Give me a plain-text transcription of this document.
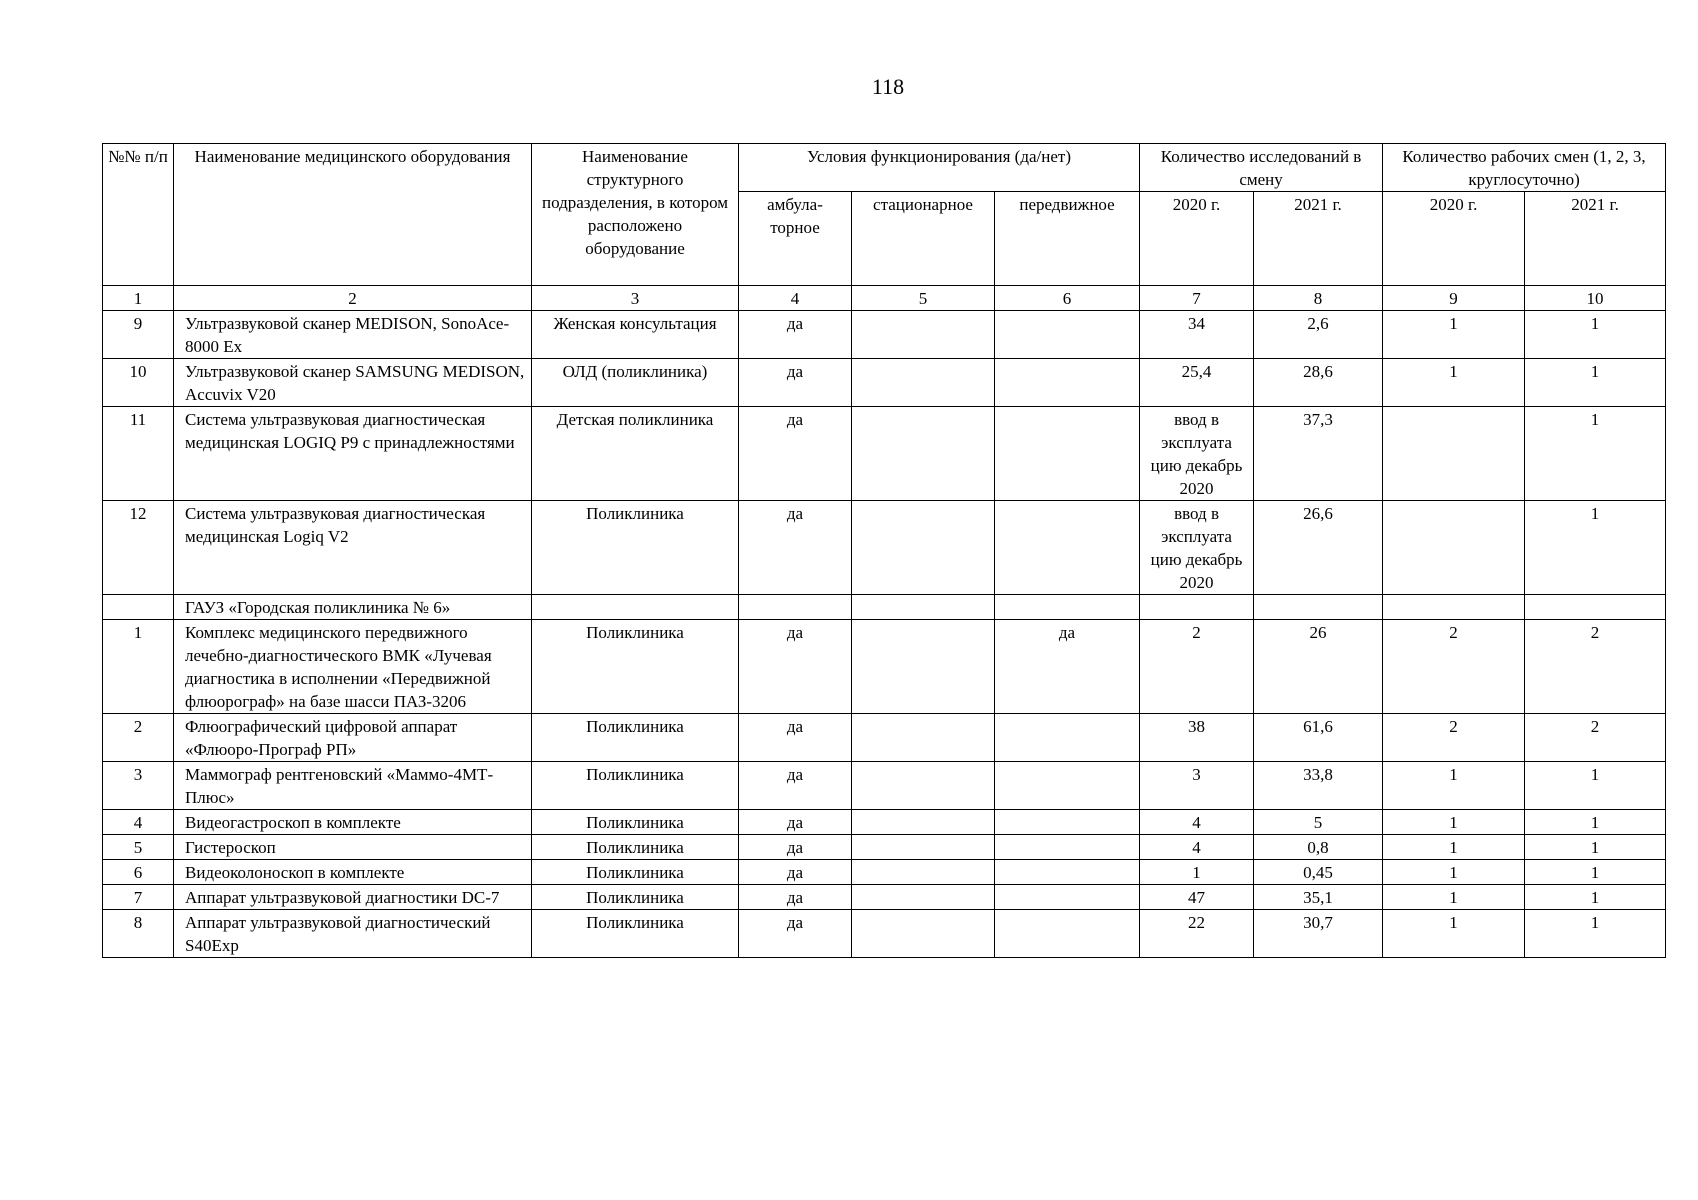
118
№№ п/п	Наименование медицинского оборудования	Наименование структурного подразделения, в котором расположено оборудование	Условия функционирования (да/нет)			Количество исследований в смену		Количество рабочих смен (1, 2, 3, круглосуточно)	
			амбула-торное	стационарное	передвижное	2020 г.	2021 г.	2020 г.	2021 г.
1	2	3	4	5	6	7	8	9	10
9	Ультразвуковой сканер MEDISON, SonoAce-8000 Ex	Женская консультация	да			34	2,6	1	1
10	Ультразвуковой сканер SAMSUNG MEDISON, Accuvix V20	ОЛД (поликлиника)	да			25,4	28,6	1	1
11	Система ультразвуковая диагностическая медицинская LOGIQ P9 с принадлежностями	Детская поликлиника	да			ввод в эксплуата цию декабрь 2020	37,3		1
12	Система ультразвуковая диагностическая медицинская Logiq V2	Поликлиника	да			ввод в эксплуата цию декабрь 2020	26,6		1
	ГАУЗ «Городская поликлиника № 6»								
1	Комплекс медицинского передвижного лечебно-диагностического ВМК «Лучевая диагностика в исполнении «Передвижной флюорограф» на базе шасси ПАЗ-3206	Поликлиника	да		да	2	26	2	2
2	Флюографический цифровой аппарат «Флюоро-Програф РП»	Поликлиника	да			38	61,6	2	2
3	Маммограф рентгеновский «Маммо-4МТ-Плюс»	Поликлиника	да			3	33,8	1	1
4	Видеогастроскоп в комплекте	Поликлиника	да			4	5	1	1
5	Гистероскоп	Поликлиника	да			4	0,8	1	1
6	Видеоколоноскоп в комплекте	Поликлиника	да			1	0,45	1	1
7	Аппарат ультразвуковой диагностики DC-7	Поликлиника	да			47	35,1	1	1
8	Аппарат ультразвуковой диагностический S40Exp	Поликлиника	да			22	30,7	1	1
